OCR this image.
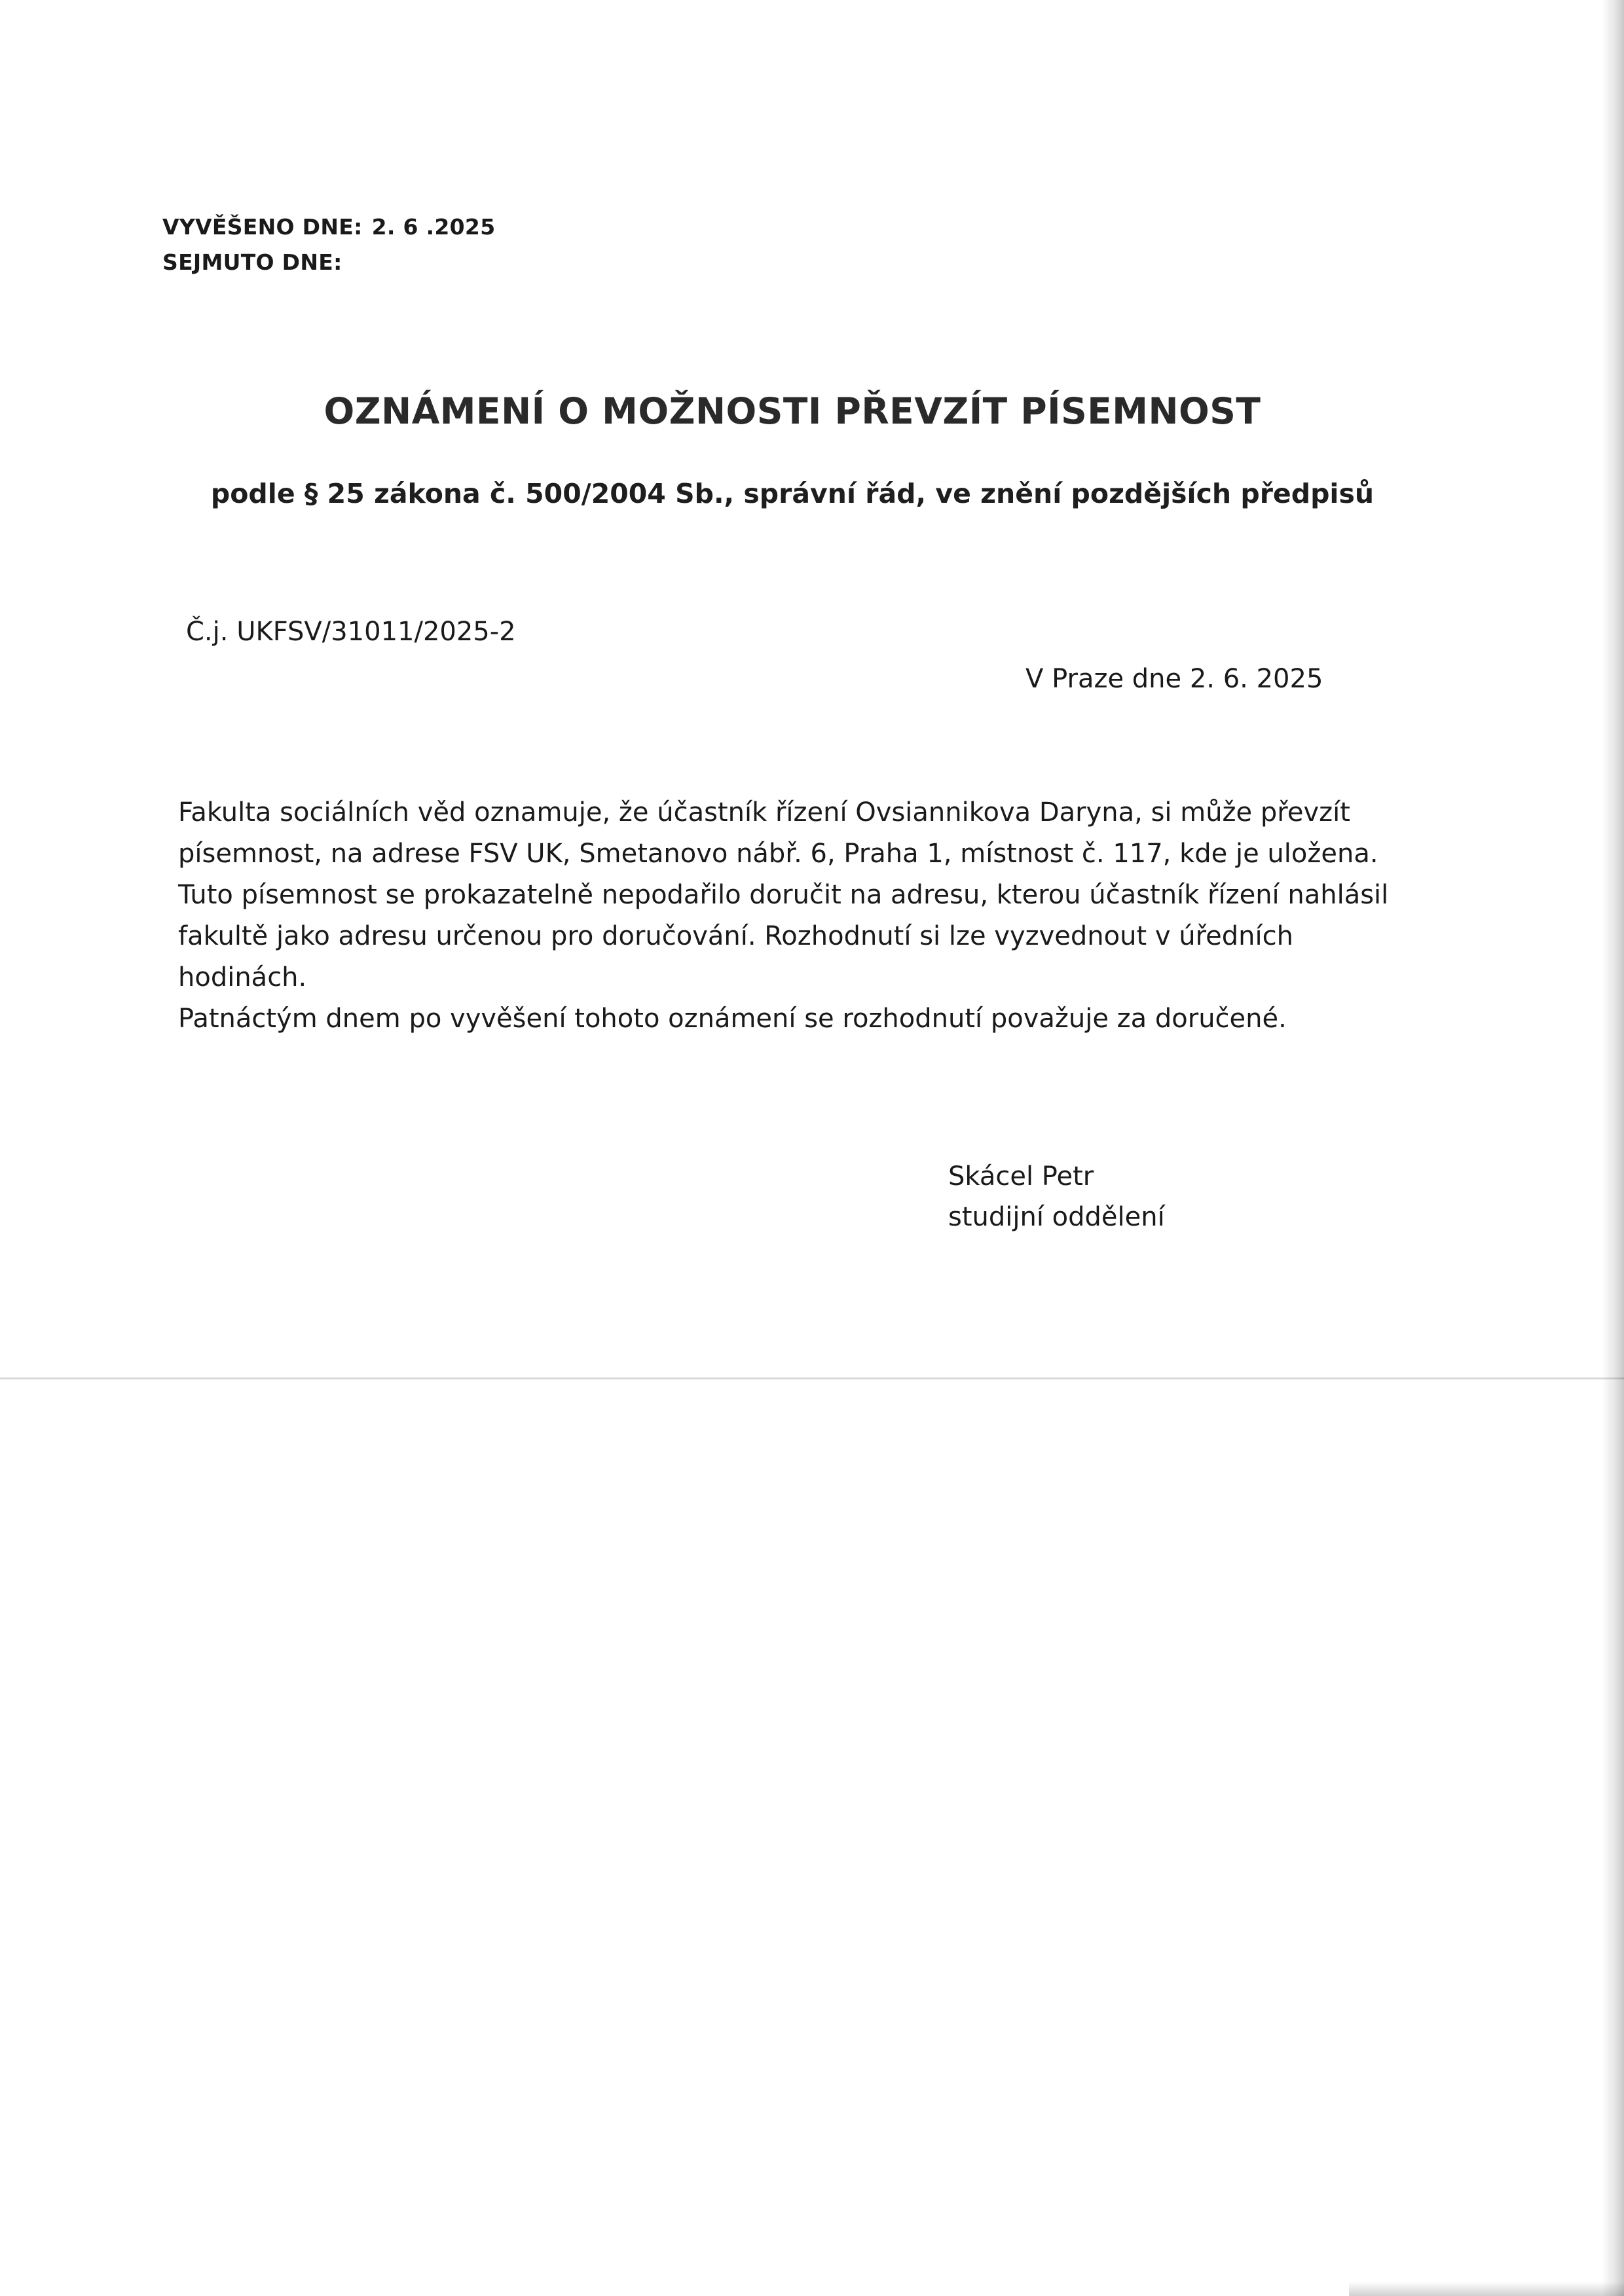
VYVĚŠENO DNE: 2. 6 .2025
SEJMUTO DNE:
OZNÁMENÍ O MOŽNOSTI PŘEVZÍT PÍSEMNOST
podle § 25 zákona č. 500/2004 Sb., správní řád, ve znění pozdějších předpisů
Č.j. UKFSV/31011/2025-2
V Praze dne 2. 6. 2025

Fakulta sociálních věd oznamuje, že účastník řízení Ovsiannikova Daryna, si může převzít

písemnost, na adrese FSV UK, Smetanovo nábř. 6, Praha 1, místnost č. 117, kde je uložena.

Tuto písemnost se prokazatelně nepodařilo doručit na adresu, kterou účastník řízení nahlásil

fakultě jako adresu určenou pro doručování. Rozhodnutí si lze vyzvednout v úředních

hodinách.

Patnáctým dnem po vyvěšení tohoto oznámení se rozhodnutí považuje za doručené.

Skácel Petr
studijní oddělení
